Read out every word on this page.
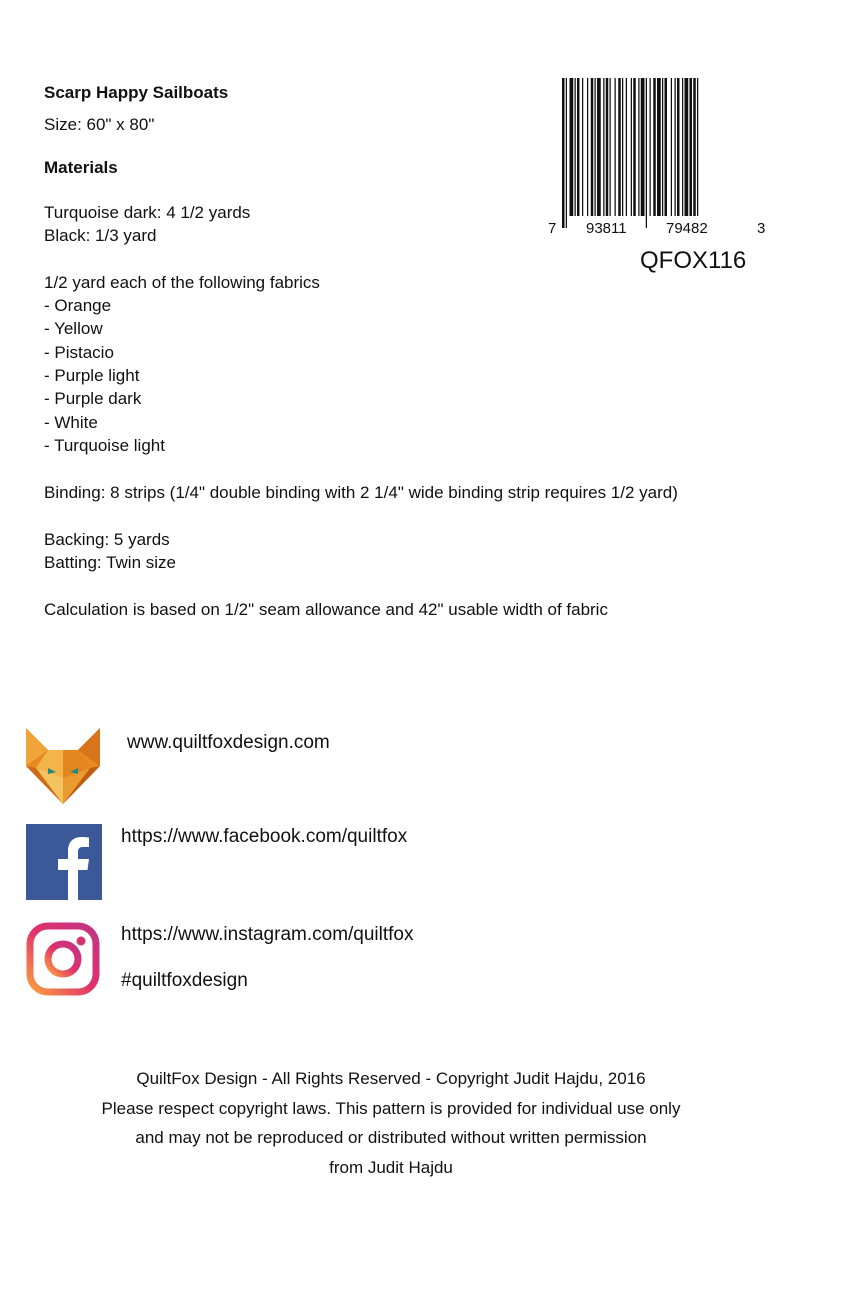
Scarp Happy Sailboats
Size: 60" x 80"
7 93811	79482	3
QFOX116
Materials
Turquoise dark: 4 1/2 yards
Black: 1/3 yard
1/2 yard each of the following fabrics
- Orange
- Yellow
- Pistacio
- Purple light
- Purple dark
- White
- Turquoise light
Binding: 8 strips (1/4" double binding with 2 1/4" wide binding strip requires 1/2 yard)
Backing: 5 yards
Batting: Twin size
Calculation is based on 1/2" seam allowance and 42" usable width of fabric
www.quiltfoxdesign.com
https://www.facebook.com/quiltfox
https://www.instagram.com/quiltfox
#quiltfoxdesign
QuiltFox Design - All Rights Reserved - Copyright Judit Hajdu, 2016
Please respect copyright laws. This pattern is provided for individual use only
and may not be reproduced or distributed without written permission
from Judit Hajdu
